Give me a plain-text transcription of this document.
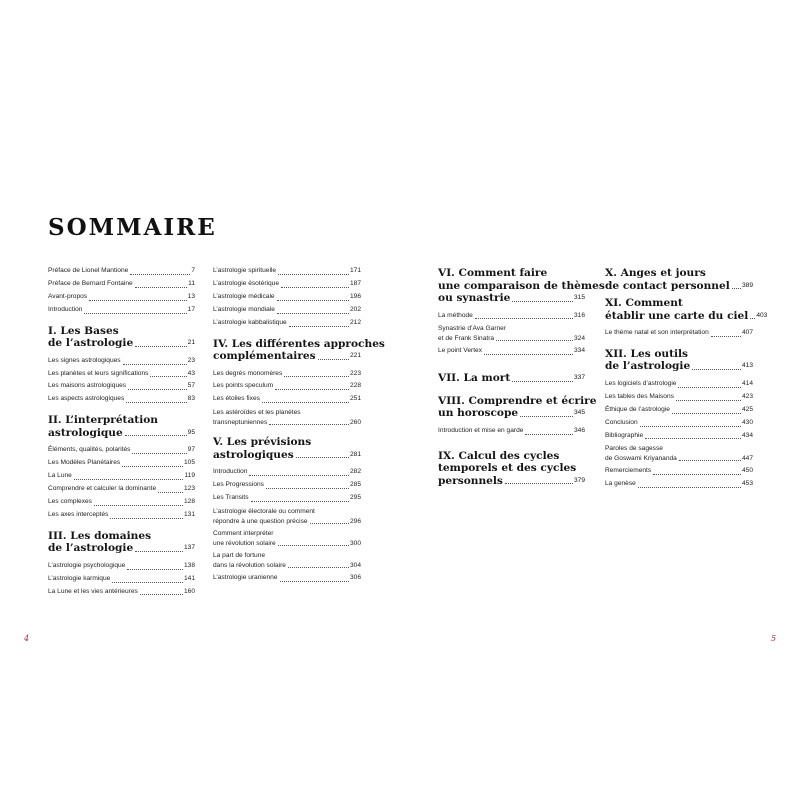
SOMMAIRE
Préface de Lionel Mantione	7
Préface de Bernard Fontaine	11
Avant-propos	13
Introduction	17
I. Les Bases
de l’astrologie	21
Les signes astrologiques	23
Les planètes et leurs significations	43
Les maisons astrologiques	57
Les aspects astrologiques	83
II. L’interprétation
astrologique	95
Éléments, qualités, polarités	97
Les Modèles Planétaires	105
La Lune	119
Comprendre et calculer la dominante	123
Les complexes	128
Les axes interceptés	131
III. Les domaines
de l’astrologie	137
L’astrologie psychologique	138
L’astrologie karmique	141
La Lune et les vies antérieures	160
L’astrologie spirituelle	171
L’astrologie ésotérique	187
L’astrologie médicale	196
L’astrologie mondiale	202
L’astrologie kabbalistique	212
IV. Les différentes approches
complémentaires	221
Les degrés monomères	223
Les points speculum	228
Les étoiles fixes	251
Les astéroïdes et les planètes
transneptuniennes	260
V. Les prévisions
astrologiques	281
Introduction	282
Les Progressions	285
Les Transits	295
L’astrologie électorale ou comment
répondre à une question précise	296
Comment interpréter
une révolution solaire	300
La part de fortune
dans la révolution solaire	304
L’astrologie uranienne	306
VI. Comment faire
une comparaison de thèmes
ou synastrie	315
La méthode	316
Synastrie d’Ava Garner
et de Frank Sinatra	324
Le point Vertex	334
VII. La mort	337
VIII. Comprendre et écrire
un horoscope	345
Introduction et mise en garde	346
IX. Calcul des cycles
temporels et des cycles
personnels	379
X. Anges et jours
de contact personnel 389
XI. Comment
établir une carte du ciel 403
Le thème natal et son interprétation	407
XII. Les outils
de l’astrologie	413
Les logiciels d’astrologie	414
Les tables des Maisons	423
Éthique de l’astrologie	425
Conclusion	430
Bibliographie	434
Paroles de sagesse
de Goswami Kriyananda	447
Remerciements	450
La genèse	453
4	5
